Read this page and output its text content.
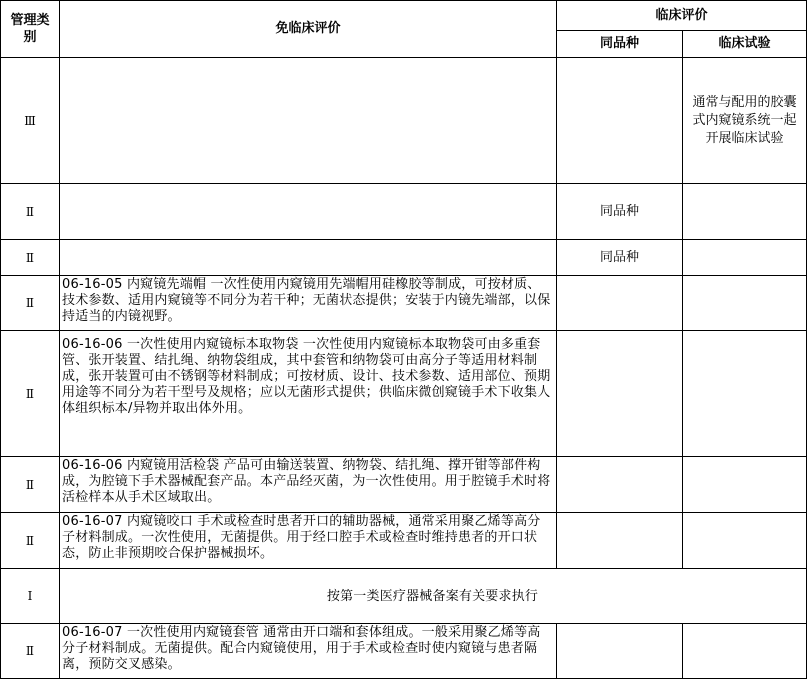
管理类别	免临床评价	临床评价	
		同品种	临床试验
Ⅲ			通常与配用的胶囊式内窥镜系统一起开展临床试验
Ⅱ		同品种	
Ⅱ		同品种	
Ⅱ	06-16-05 内窥镜先端帽 一次性使用内窥镜用先端帽用硅橡胶等制成，可按材质、技术参数、适用内窥镜等不同分为若干种；无菌状态提供；安装于内镜先端部，以保持适当的内镜视野。		
Ⅱ	06-16-06 一次性使用内窥镜标本取物袋 一次性使用内窥镜标本取物袋可由多重套管、张开装置、结扎绳、纳物袋组成，其中套管和纳物袋可由高分子等适用材料制成，张开装置可由不锈钢等材料制成；可按材质、设计、技术参数、适用部位、预期用途等不同分为若干型号及规格；应以无菌形式提供；供临床微创窥镜手术下收集人体组织标本/异物并取出体外用。		
Ⅱ	06-16-06 内窥镜用活检袋 产品可由输送装置、纳物袋、结扎绳、撑开钳等部件构成，为腔镜下手术器械配套产品。本产品经灭菌，为一次性使用。用于腔镜手术时将活检样本从手术区域取出。		
Ⅱ	06-16-07 内窥镜咬口 手术或检查时患者开口的辅助器械，通常采用聚乙烯等高分子材料制成。一次性使用，无菌提供。用于经口腔手术或检查时维持患者的开口状态，防止非预期咬合保护器械损坏。		
Ⅰ	按第一类医疗器械备案有关要求执行		
Ⅱ	06-16-07 一次性使用内窥镜套管 通常由开口端和套体组成。一般采用聚乙烯等高分子材料制成。无菌提供。配合内窥镜使用，用于手术或检查时使内窥镜与患者隔离，预防交叉感染。		
